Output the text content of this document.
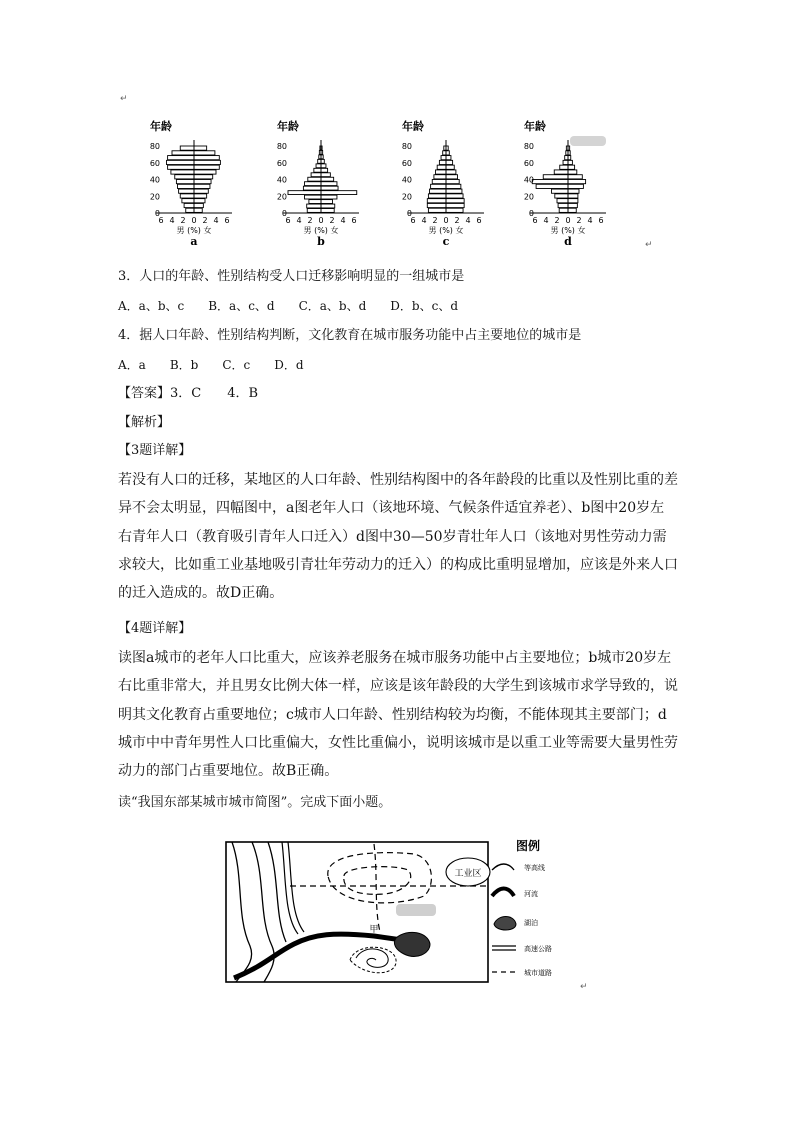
↵
年龄
0
20
40
60
80
6 4 2 0 2 4 6
男 (%) 女
a
年龄
0
20
40
60
80
6 4 2 0 2 4 6
男 (%) 女
b
年龄
0
20
40
60
80
6 4 2 0 2 4 6
男 (%) 女
c
年龄
0
20
40
60
80
6 4 2 0 2 4 6
男 (%) 女
d	↵
3．人口的年龄、性别结构受人口迁移影响明显的一组城市是
A．a、b、c　　B．a、c、d　　C．a、b、d　　D．b、c、d
4．据人口年龄、性别结构判断，文化教育在城市服务功能中占主要地位的城市是
A．a　　B．b　　C．c　　D．d
【答案】3．C　　4．B
【解析】
【3题详解】

若没有人口的迁移，某地区的人口年龄、性别结构图中的各年龄段的比重以及性别比重的差异不会太明显，四幅图中，a图老年人口（该地环境、气候条件适宜养老）、b图中20岁左右青年人口（教育吸引青年人口迁入）d图中30—50岁青壮年人口（该地对男性劳动力需求较大，比如重工业基地吸引青壮年劳动力的迁入）的构成比重明显增加，应该是外来人口的迁入造成的。故D正确。

【4题详解】

读图a城市的老年人口比重大，应该养老服务在城市服务功能中占主要地位；b城市20岁左右比重非常大，并且男女比例大体一样，应该是该年龄段的大学生到该城市求学导致的，说明其文化教育占重要地位；c城市人口年龄、性别结构较为均衡，不能体现其主要部门；d城市中中青年男性人口比重偏大，女性比重偏小，说明该城市是以重工业等需要大量男性劳动力的部门占重要地位。故B正确。

读“我国东部某城市城市简图”。完成下面小题。
工业区
甲
图例
等高线
河流
湖泊
高速公路
城市道路
↵
